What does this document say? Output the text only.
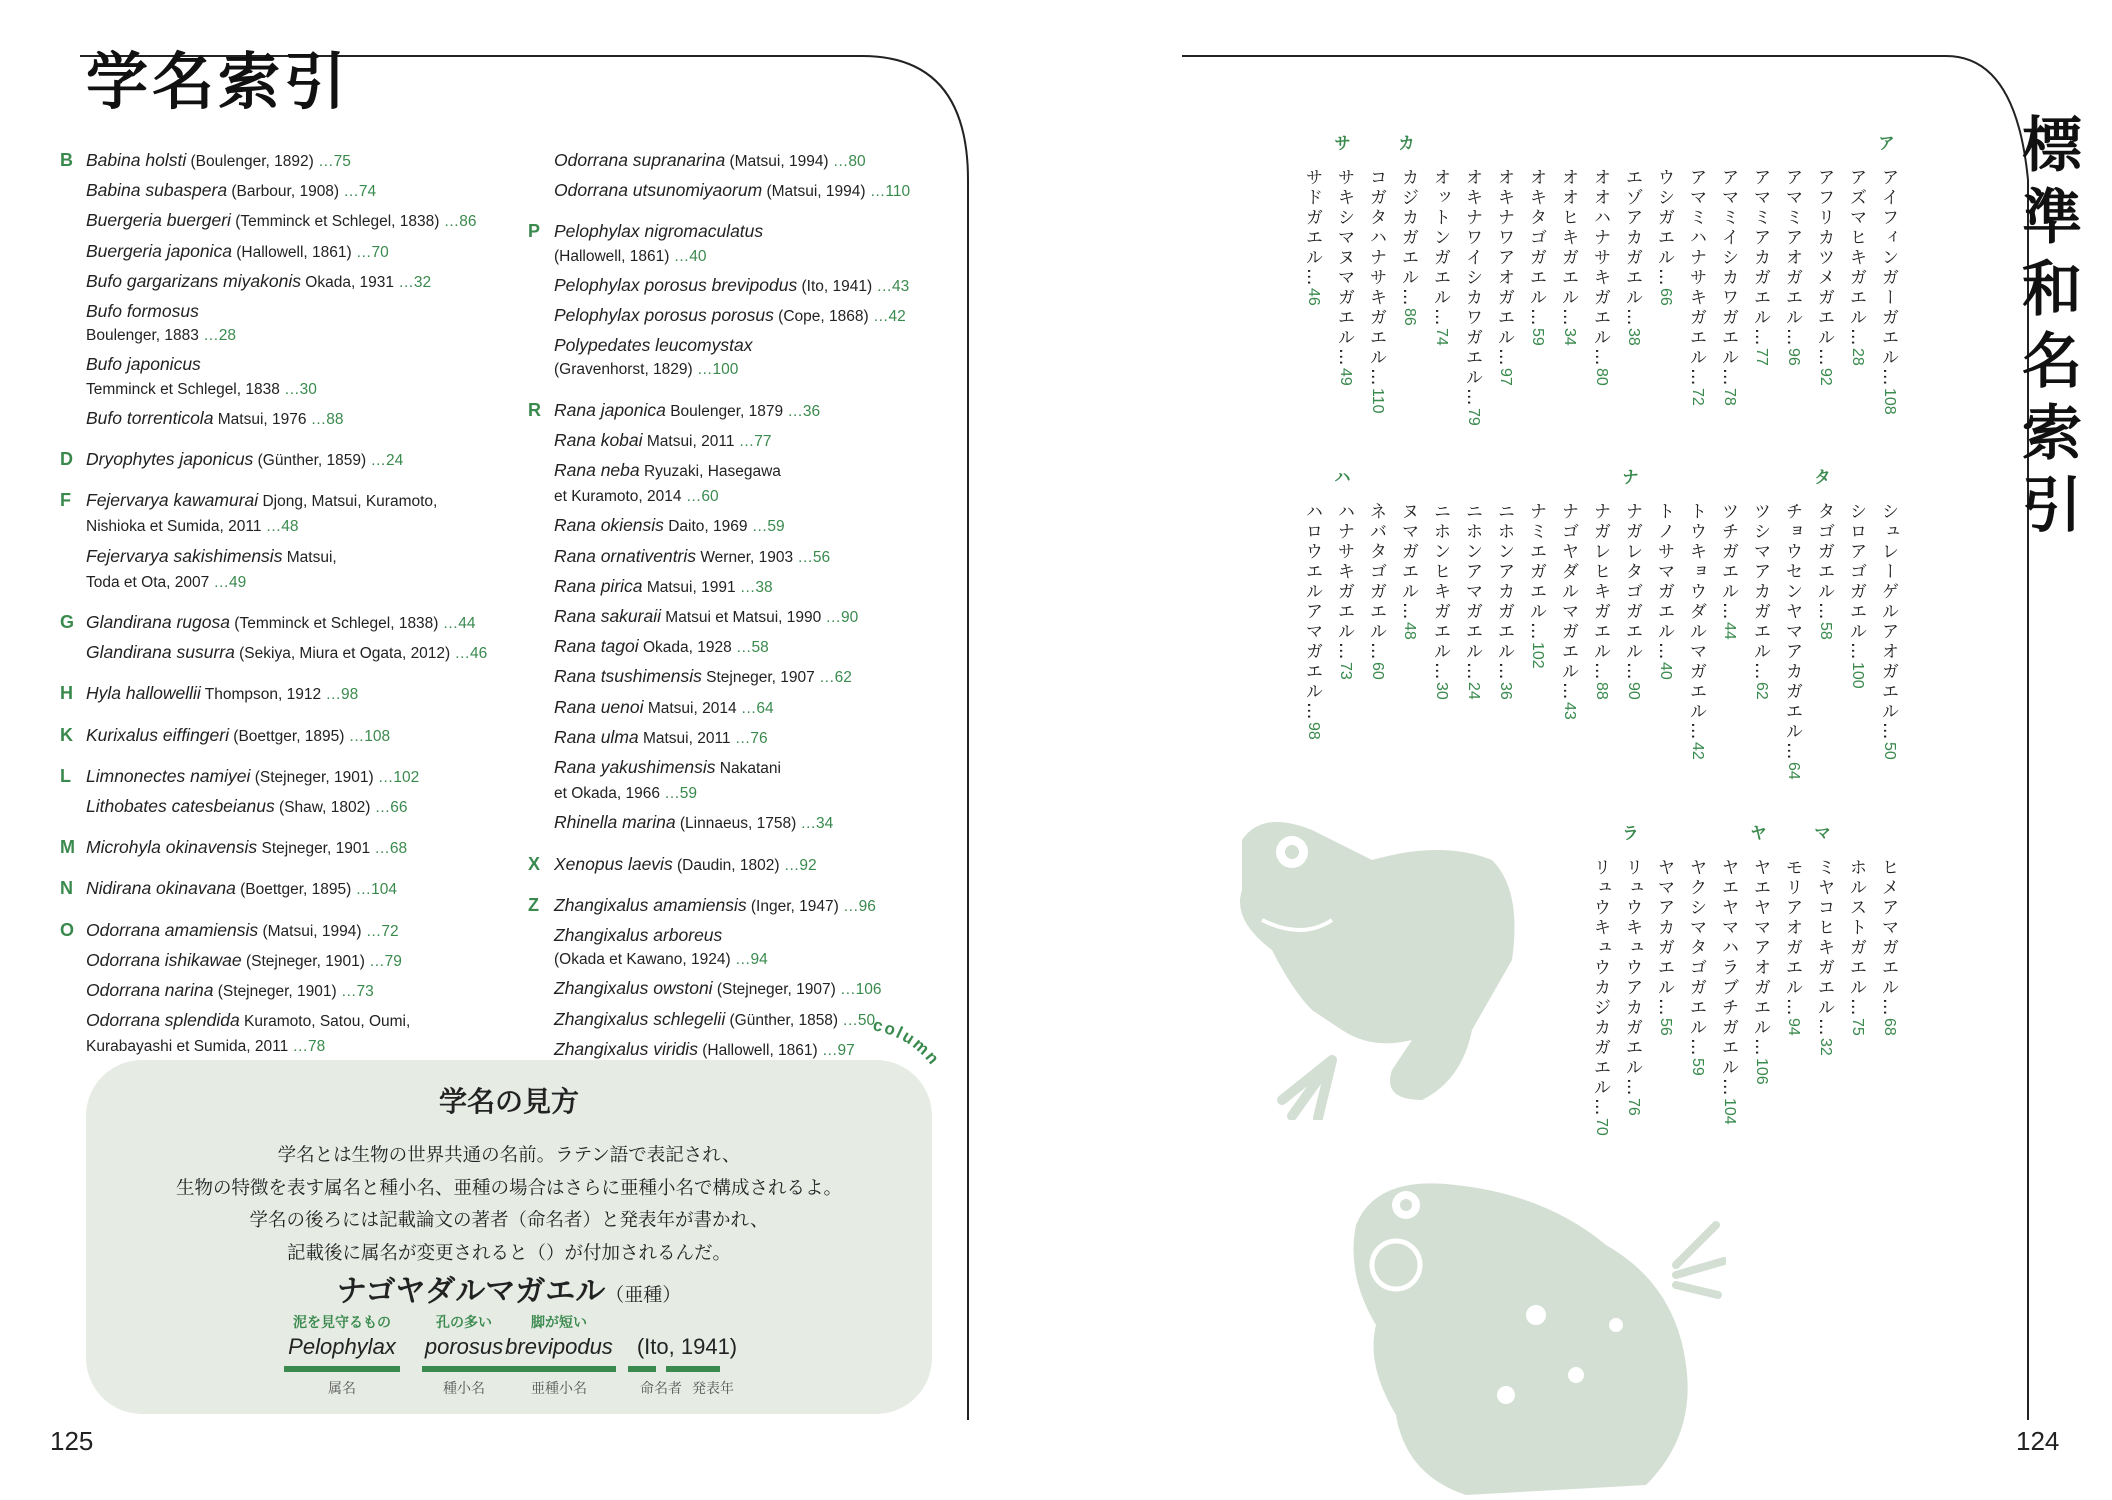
学名索引
B Babina holsti (Boulenger, 1892) …75
Babina subaspera (Barbour, 1908) …74
Buergeria buergeri (Temminck et Schlegel, 1838) …86
Buergeria japonica (Hallowell, 1861) …70
Bufo gargarizans miyakonis Okada, 1931 …32
Bufo formosus
Boulenger, 1883 …28
Bufo japonicus
Temminck et Schlegel, 1838 …30
Bufo torrenticola Matsui, 1976 …88
D Dryophytes japonicus (Günther, 1859) …24
F Fejervarya kawamurai Djong, Matsui, Kuramoto,
Nishioka et Sumida, 2011 …48
Fejervarya sakishimensis Matsui,
Toda et Ota, 2007 …49
G Glandirana rugosa (Temminck et Schlegel, 1838) …44
Glandirana susurra (Sekiya, Miura et Ogata, 2012) …46
H Hyla hallowellii Thompson, 1912 …98
K Kurixalus eiffingeri (Boettger, 1895) …108
L Limnonectes namiyei (Stejneger, 1901) …102
Lithobates catesbeianus (Shaw, 1802) …66
M Microhyla okinavensis Stejneger, 1901 …68
N Nidirana okinavana (Boettger, 1895) …104
O Odorrana amamiensis (Matsui, 1994) …72
Odorrana ishikawae (Stejneger, 1901) …79
Odorrana narina (Stejneger, 1901) …73
Odorrana splendida Kuramoto, Satou, Oumi,
Kurabayashi et Sumida, 2011 …78
Odorrana supranarina (Matsui, 1994) …80
Odorrana utsunomiyaorum (Matsui, 1994) …110
P Pelophylax nigromaculatus
(Hallowell, 1861) …40
Pelophylax porosus brevipodus (Ito, 1941) …43
Pelophylax porosus porosus (Cope, 1868) …42
Polypedates leucomystax
(Gravenhorst, 1829) …100
R Rana japonica Boulenger, 1879 …36
Rana kobai Matsui, 2011 …77
Rana neba Ryuzaki, Hasegawa
et Kuramoto, 2014 …60
Rana okiensis Daito, 1969 …59
Rana ornativentris Werner, 1903 …56
Rana pirica Matsui, 1991 …38
Rana sakuraii Matsui et Matsui, 1990 …90
Rana tagoi Okada, 1928 …58
Rana tsushimensis Stejneger, 1907 …62
Rana uenoi Matsui, 2014 …64
Rana ulma Matsui, 2011 …76
Rana yakushimensis Nakatani
et Okada, 1966 …59
Rhinella marina (Linnaeus, 1758) …34
X Xenopus laevis (Daudin, 1802) …92
Z Zhangixalus amamiensis (Inger, 1947) …96
Zhangixalus arboreus
(Okada et Kawano, 1924) …94
Zhangixalus owstoni (Stejneger, 1907) …106
Zhangixalus schlegelii (Günther, 1858) …50
Zhangixalus viridis (Hallowell, 1861) …97
column
学名の見方
学名とは生物の世界共通の名前。ラテン語で表記され、
生物の特徴を表す属名と種小名、亜種の場合はさらに亜種小名で構成されるよ。
学名の後ろには記載論文の著者（命名者）と発表年が書かれ、
記載後に属名が変更されると（）が付加されるんだ。
ナゴヤダルマガエル（亜種）
泥を見守るもの
Pelophylax
属名
孔の多い
porosus
種小名
脚が短い
brevipodus
亜種小名
(Ito, 1941)
命名者 発表年
125
標
準
和
名
索
引
ア
アイフィンガーガエル…108
アズマヒキガエル…28
アフリカツメガエル…92
アマミアオガエル…96
アマミアカガエル…77
アマミイシカワガエル…78
アマミハナサキガエル…72
ウシガエル…66
エゾアカガエル…38
オオハナサキガエル…80
オオヒキガエル…34
オキタゴガエル…59
オキナワアオガエル…97
オキナワイシカワガエル…79
オットンガエル…74
カ
カジカガエル…86
コガタハナサキガエル…110
サ
サキシマヌマガエル…49
サドガエル…46
シュレーゲルアオガエル…50
シロアゴガエル…100
タ
タゴガエル…58
チョウセンヤマアカガエル…64
ツシマアカガエル…62
ツチガエル…44
トウキョウダルマガエル…42
トノサマガエル…40
ナ
ナガレタゴガエル…90
ナガレヒキガエル…88
ナゴヤダルマガエル…43
ナミエガエル…102
ニホンアカガエル…36
ニホンアマガエル…24
ニホンヒキガエル…30
ヌマガエル…48
ネバタゴガエル…60
ハ
ハナサキガエル…73
ハロウエルアマガエル…98
ヒメアマガエル…68
ホルストガエル…75
マ
ミヤコヒキガエル…32
モリアオガエル…94
ヤ
ヤエヤマアオガエル…106
ヤエヤマハラブチガエル…104
ヤクシマタゴガエル…59
ヤマアカガエル…56
ラ
リュウキュウアカガエル…76
リュウキュウカジカガエル…70
124
